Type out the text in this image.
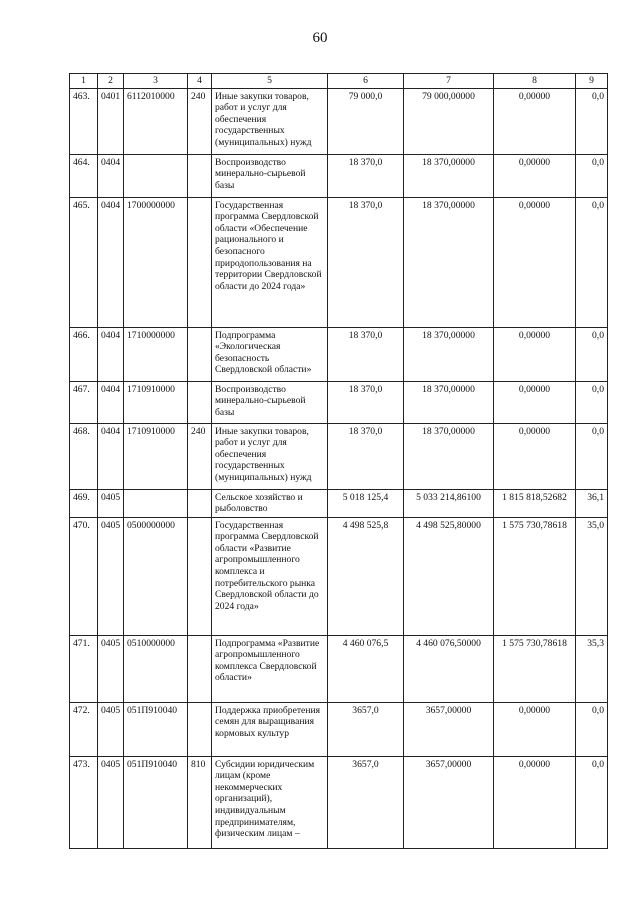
60
1	2	3	4	5	6	7	8	9
463.	0401	6112010000	240	Иные закупки товаров, работ и услуг для обеспечения государственных (муниципальных) нужд	79 000,0	79 000,00000	0,00000	0,0
464.	0404			Воспроизводство минерально-сырьевой базы	18 370,0	18 370,00000	0,00000	0,0
465.	0404	1700000000		Государственная программа Свердловской области «Обеспечение рационального и безопасного природопользования на территории Свердловской области до 2024 года»	18 370,0	18 370,00000	0,00000	0,0
466.	0404	1710000000		Подпрограмма «Экологическая безопасность Свердловской области»	18 370,0	18 370,00000	0,00000	0,0
467.	0404	1710910000		Воспроизводство минерально-сырьевой базы	18 370,0	18 370,00000	0,00000	0,0
468.	0404	1710910000	240	Иные закупки товаров, работ и услуг для обеспечения государственных (муниципальных) нужд	18 370,0	18 370,00000	0,00000	0,0
469.	0405			Сельское хозяйство и рыболовство	5 018 125,4	5 033 214,86100	1 815 818,52682	36,1
470.	0405	0500000000		Государственная программа Свердловской области «Развитие агропромышленного комплекса и потребительского рынка Свердловской области до 2024 года»	4 498 525,8	4 498 525,80000	1 575 730,78618	35,0
471.	0405	0510000000		Подпрограмма «Развитие агропромышленного комплекса Свердловской области»	4 460 076,5	4 460 076,50000	1 575 730,78618	35,3
472.	0405	051П910040		Поддержка приобретения семян для выращивания кормовых культур	3657,0	3657,00000	0,00000	0,0
473.	0405	051П910040	810	Субсидии юридическим лицам (кроме некоммерческих организаций), индивидуальным предпринимателям, физическим лицам –	3657,0	3657,00000	0,00000	0,0
